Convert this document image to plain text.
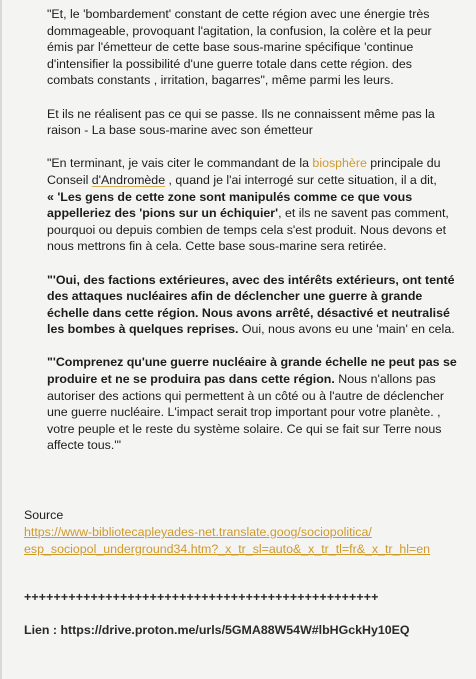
"Et, le 'bombardement' constant de cette région avec une énergie très dommageable, provoquant l'agitation, la confusion, la colère et la peur émis par l'émetteur de cette base sous-marine spécifique 'continue d'intensifier la possibilité d'une guerre totale dans cette région. des combats constants , irritation, bagarres", même parmi les leurs.

Et ils ne réalisent pas ce qui se passe. Ils ne connaissent même pas la raison - La base sous-marine avec son émetteur

"En terminant, je vais citer le commandant de la biosphère principale du Conseil d'Andromède , quand je l'ai interrogé sur cette situation, il a dit,
« 'Les gens de cette zone sont manipulés comme ce que vous appelleriez des 'pions sur un échiquier', et ils ne savent pas comment, pourquoi ou depuis combien de temps cela s'est produit. Nous devons et nous mettrons fin à cela. Cette base sous-marine sera retirée.

"'Oui, des factions extérieures, avec des intérêts extérieurs, ont tenté des attaques nucléaires afin de déclencher une guerre à grande échelle dans cette région. Nous avons arrêté, désactivé et neutralisé les bombes à quelques reprises. Oui, nous avons eu une 'main' en cela.

"'Comprenez qu'une guerre nucléaire à grande échelle ne peut pas se produire et ne se produira pas dans cette région. Nous n'allons pas autoriser des actions qui permettent à un côté ou à l'autre de déclencher une guerre nucléaire. L'impact serait trop important pour votre planète. , votre peuple et le reste du système solaire. Ce qui se fait sur Terre nous affecte tous.'"

Source
https://www-bibliotecapleyades-net.translate.goog/sociopolitica/
esp_sociopol_underground34.htm?_x_tr_sl=auto&_x_tr_tl=fr&_x_tr_hl=en
++++++++++++++++++++++++++++++++++++++++++++++++
Lien : https://drive.proton.me/urls/5GMA88W54W#lbHGckHy10EQ
